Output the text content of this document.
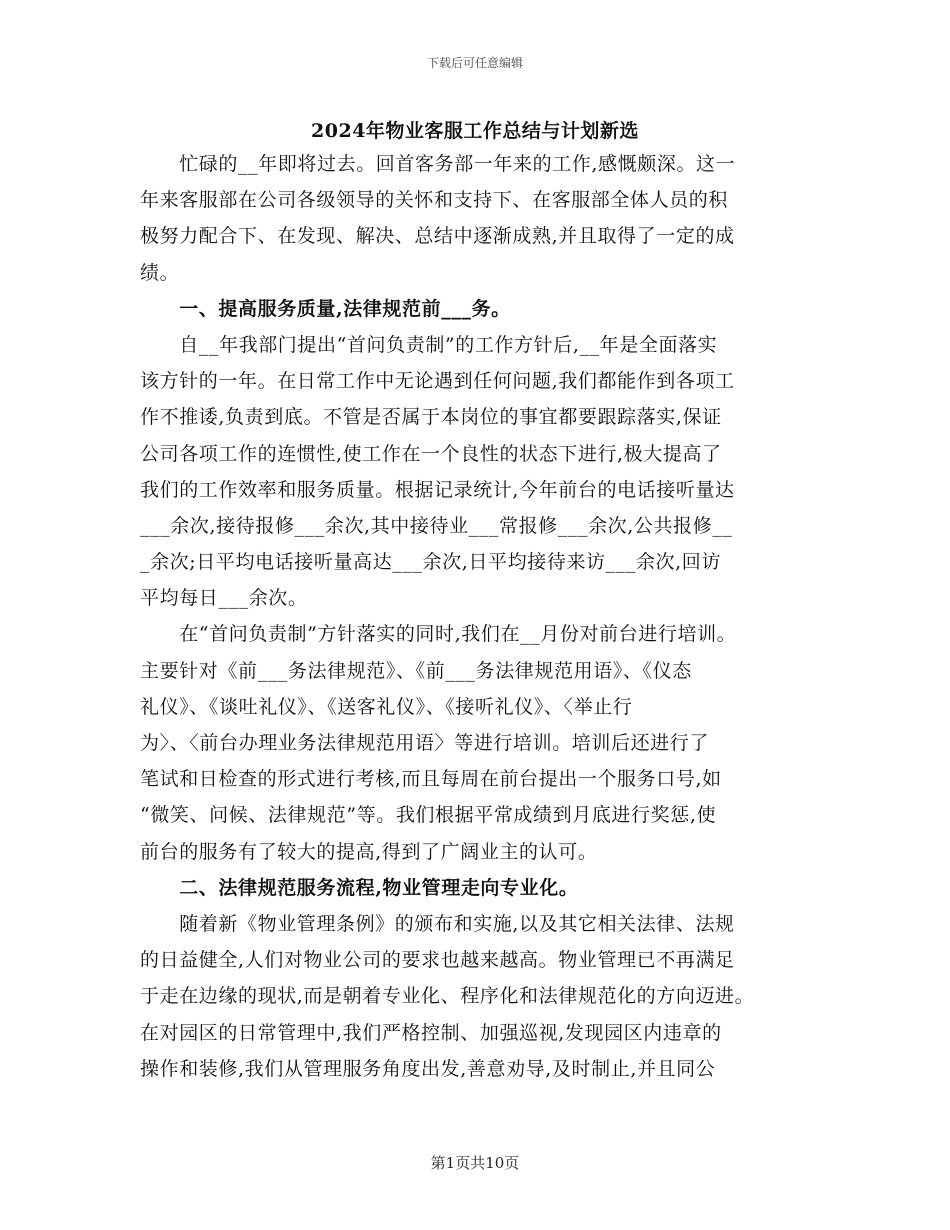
下载后可任意编辑
2024年物业客服工作总结与计划新选
　　忙碌的__年即将过去。回首客务部一年来的工作,感慨颇深。这一
年来客服部在公司各级领导的关怀和支持下、在客服部全体人员的积
极努力配合下、在发现、解决、总结中逐渐成熟,并且取得了一定的成
绩。
　　一、提高服务质量,法律规范前___务。
　　自__年我部门提出“首问负责制”的工作方针后,__年是全面落实
该方针的一年。在日常工作中无论遇到任何问题,我们都能作到各项工
作不推诿,负责到底。不管是否属于本岗位的事宜都要跟踪落实,保证
公司各项工作的连惯性,使工作在一个良性的状态下进行,极大提高了
我们的工作效率和服务质量。根据记录统计,今年前台的电话接听量达
___余次,接待报修___余次,其中接待业___常报修___余次,公共报修__
_余次;日平均电话接听量高达___余次,日平均接待来访___余次,回访
平均每日___余次。
　　在“首问负责制”方针落实的同时,我们在__月份对前台进行培训。
主要针对《前___务法律规范》、《前___务法律规范用语》、《仪态
礼仪》、《谈吐礼仪》、《送客礼仪》、《接听礼仪》、〈举止行
为〉、〈前台办理业务法律规范用语〉等进行培训。培训后还进行了
笔试和日检查的形式进行考核,而且每周在前台提出一个服务口号,如
“微笑、问候、法律规范”等。我们根据平常成绩到月底进行奖惩,使
前台的服务有了较大的提高,得到了广阔业主的认可。
　　二、法律规范服务流程,物业管理走向专业化。
　　随着新《物业管理条例》的颁布和实施,以及其它相关法律、法规
的日益健全,人们对物业公司的要求也越来越高。物业管理已不再满足
于走在边缘的现状,而是朝着专业化、程序化和法律规范化的方向迈进。
在对园区的日常管理中,我们严格控制、加强巡视,发现园区内违章的
操作和装修,我们从管理服务角度出发,善意劝导,及时制止,并且同公
第1页共10页
